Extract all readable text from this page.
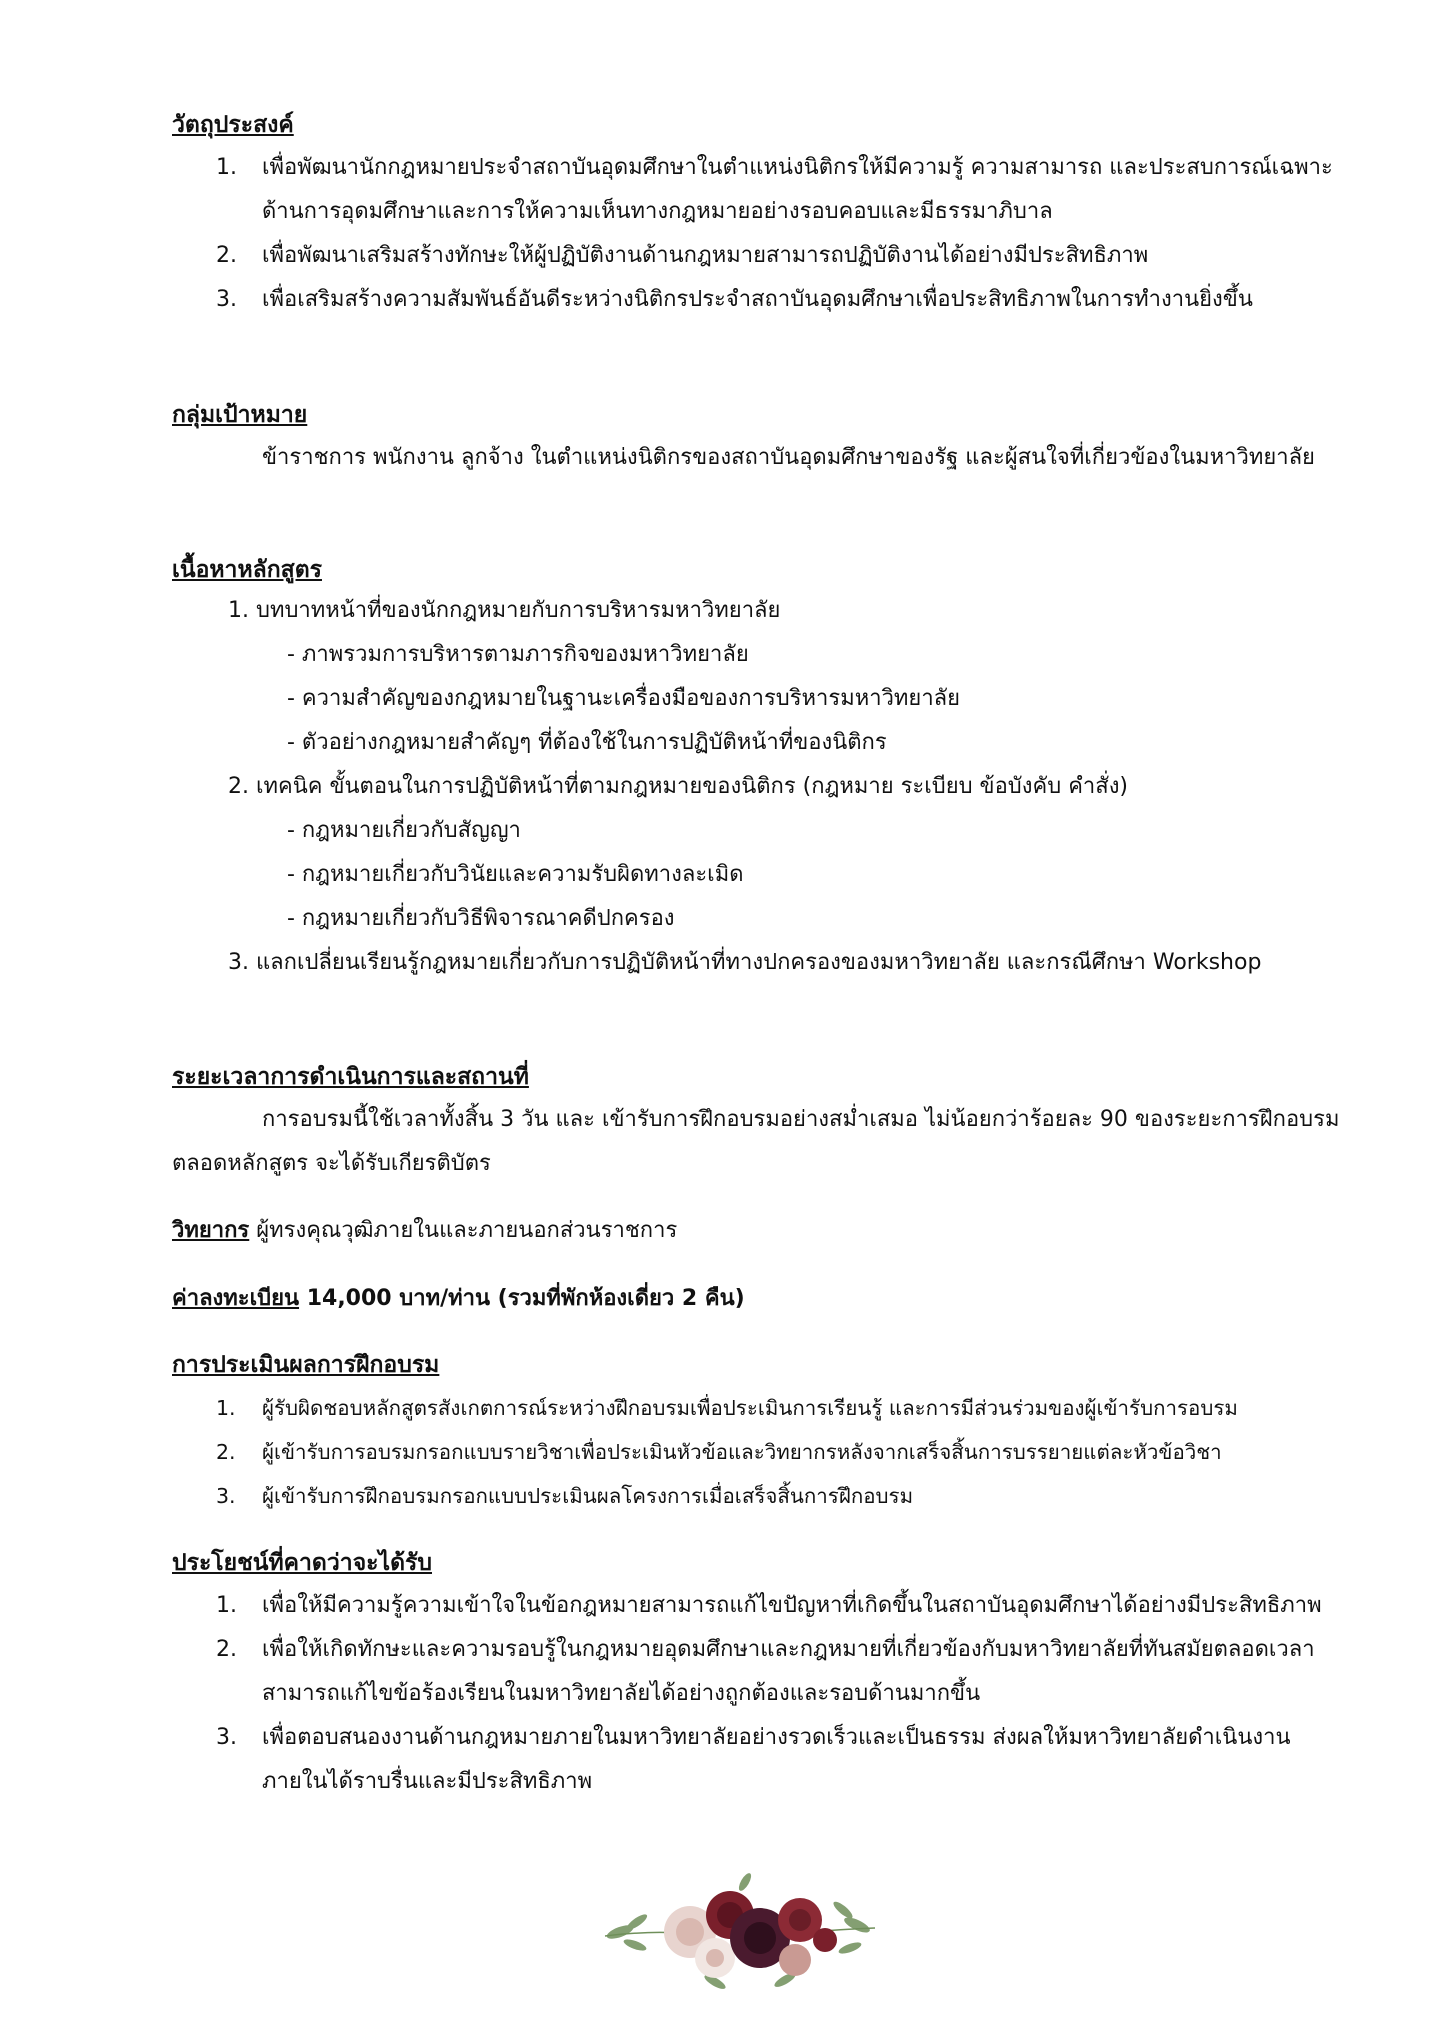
วัตถุประสงค์

1. เพื่อพัฒนานักกฎหมายประจำสถาบันอุดมศึกษาในตำแหน่งนิติกรให้มีความรู้ ความสามารถ และประสบการณ์เฉพาะด้านการอุดมศึกษาและการให้ความเห็นทางกฎหมายอย่างรอบคอบและมีธรรมาภิบาล
2. เพื่อพัฒนาเสริมสร้างทักษะให้ผู้ปฏิบัติงานด้านกฎหมายสามารถปฏิบัติงานได้อย่างมีประสิทธิภาพ
3. เพื่อเสริมสร้างความสัมพันธ์อันดีระหว่างนิติกรประจำสถาบันอุดมศึกษาเพื่อประสิทธิภาพในการทำงานยิ่งขึ้น

กลุ่มเป้าหมาย

ข้าราชการ พนักงาน ลูกจ้าง ในตำแหน่งนิติกรของสถาบันอุดมศึกษาของรัฐ และผู้สนใจที่เกี่ยวข้องในมหาวิทยาลัย

เนื้อหาหลักสูตร

1. บทบาทหน้าที่ของนักกฎหมายกับการบริหารมหาวิทยาลัย

- ภาพรวมการบริหารตามภารกิจของมหาวิทยาลัย

- ความสำคัญของกฎหมายในฐานะเครื่องมือของการบริหารมหาวิทยาลัย

- ตัวอย่างกฎหมายสำคัญๆ ที่ต้องใช้ในการปฏิบัติหน้าที่ของนิติกร

2. เทคนิค ขั้นตอนในการปฏิบัติหน้าที่ตามกฎหมายของนิติกร (กฎหมาย ระเบียบ ข้อบังคับ คำสั่ง)

- กฎหมายเกี่ยวกับสัญญา

- กฎหมายเกี่ยวกับวินัยและความรับผิดทางละเมิด

- กฎหมายเกี่ยวกับวิธีพิจารณาคดีปกครอง

3. แลกเปลี่ยนเรียนรู้กฎหมายเกี่ยวกับการปฏิบัติหน้าที่ทางปกครองของมหาวิทยาลัย และกรณีศึกษา Workshop

ระยะเวลาการดำเนินการและสถานที่

การอบรมนี้ใช้เวลาทั้งสิ้น 3 วัน และ เข้ารับการฝึกอบรมอย่างสม่ำเสมอ ไม่น้อยกว่าร้อยละ 90 ของระยะการฝึกอบรมตลอดหลักสูตร จะได้รับเกียรติบัตร

วิทยากร ผู้ทรงคุณวุฒิภายในและภายนอกส่วนราชการ

ค่าลงทะเบียน 14,000 บาท/ท่าน (รวมที่พักห้องเดี่ยว 2 คืน)

การประเมินผลการฝึกอบรม

1. ผู้รับผิดชอบหลักสูตรสังเกตการณ์ระหว่างฝึกอบรมเพื่อประเมินการเรียนรู้ และการมีส่วนร่วมของผู้เข้ารับการอบรม
2. ผู้เข้ารับการอบรมกรอกแบบรายวิชาเพื่อประเมินหัวข้อและวิทยากรหลังจากเสร็จสิ้นการบรรยายแต่ละหัวข้อวิชา
3. ผู้เข้ารับการฝึกอบรมกรอกแบบประเมินผลโครงการเมื่อเสร็จสิ้นการฝึกอบรม

ประโยชน์ที่คาดว่าจะได้รับ

1. เพื่อให้มีความรู้ความเข้าใจในข้อกฎหมายสามารถแก้ไขปัญหาที่เกิดขึ้นในสถาบันอุดมศึกษาได้อย่างมีประสิทธิภาพ
2. เพื่อให้เกิดทักษะและความรอบรู้ในกฎหมายอุดมศึกษาและกฎหมายที่เกี่ยวข้องกับมหาวิทยาลัยที่ทันสมัยตลอดเวลา สามารถแก้ไขข้อร้องเรียนในมหาวิทยาลัยได้อย่างถูกต้องและรอบด้านมากขึ้น
3. เพื่อตอบสนองงานด้านกฎหมายภายในมหาวิทยาลัยอย่างรวดเร็วและเป็นธรรม ส่งผลให้มหาวิทยาลัยดำเนินงานภายในได้ราบรื่นและมีประสิทธิภาพ
